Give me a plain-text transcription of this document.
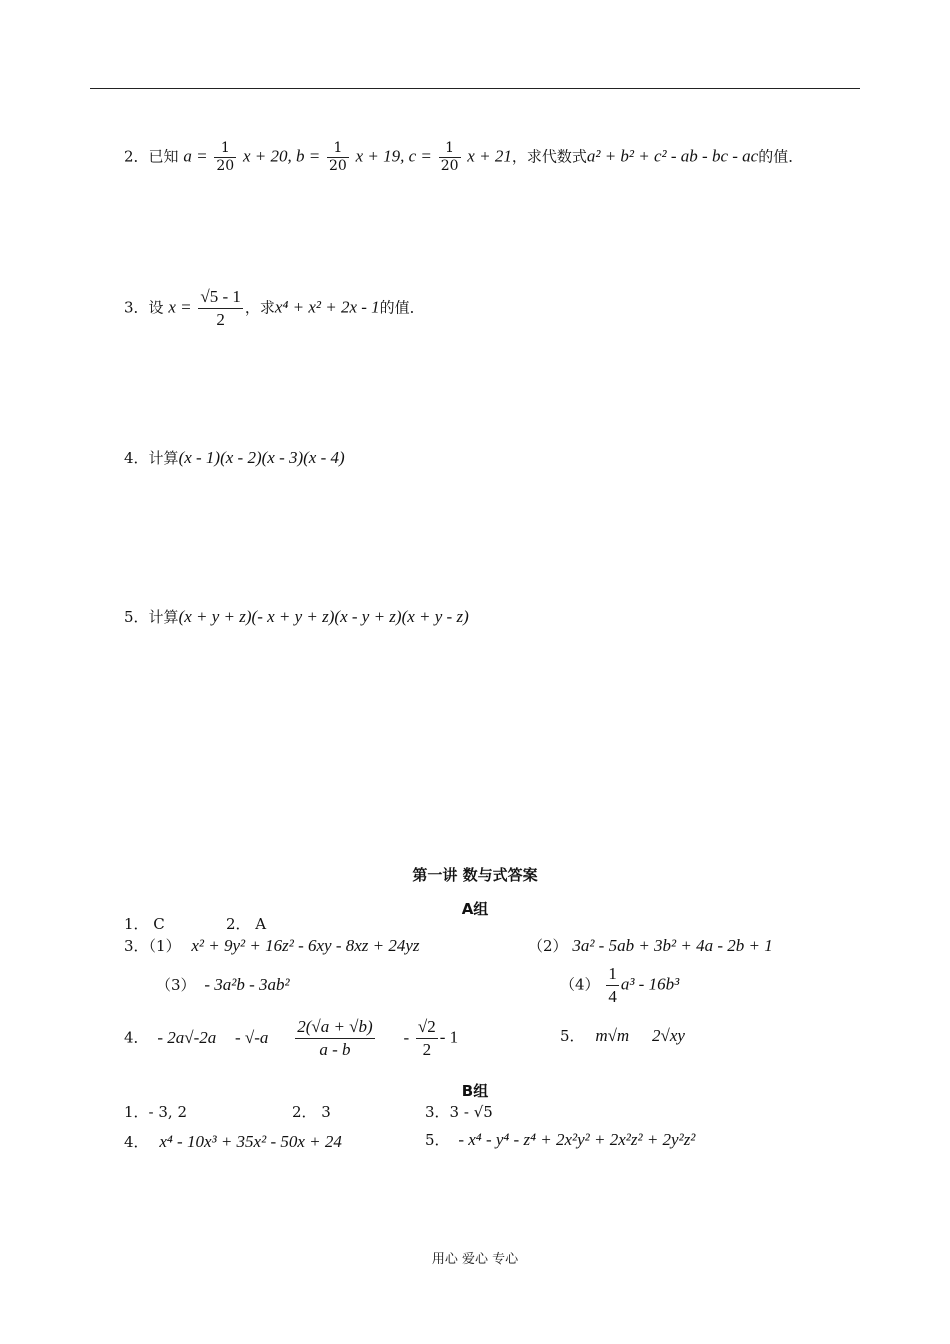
2．已知 $a = \frac{1}{20}$ x + 20, $b = \frac{1}{20}$ x + 19, $c = \frac{1}{20}$ x + 21，求代数式a² + b² + c² - ab - bc - ac的值．
3．设 $x = \frac{√5 - 1}{2}$ ，求x⁴ + x² + 2x - 1的值．
4．计算(x - 1)(x - 2)(x - 3)(x - 4)
5．计算(x + y + z)(- x + y + z)(x - y + z)(x + y - z)
第一讲 数与式答案
A组
1． C	2． A
3．（1） x² + 9y² + 16z² - 6xy - 8xz + 24yz	（2） 3a² - 5ab + 3b² + 4a - 2b + 1
（3） - 3a²b - 3ab²	$(4) \frac{1}{4} a^3 - 16b^3$
4． - $2a√-2a - √-a \frac{2(√a + √b)}{a - b} - \frac{√2}{2} - 1$	5． m√m 2√xy
B组
1．- 3, 2	2． 3	3．3 - √5
4． x⁴ - 10x³ + 35x² - 50x + 24	5． - x⁴ - y⁴ - z⁴ + 2x²y² + 2x²z² + 2y²z²
用心 爱心 专心
